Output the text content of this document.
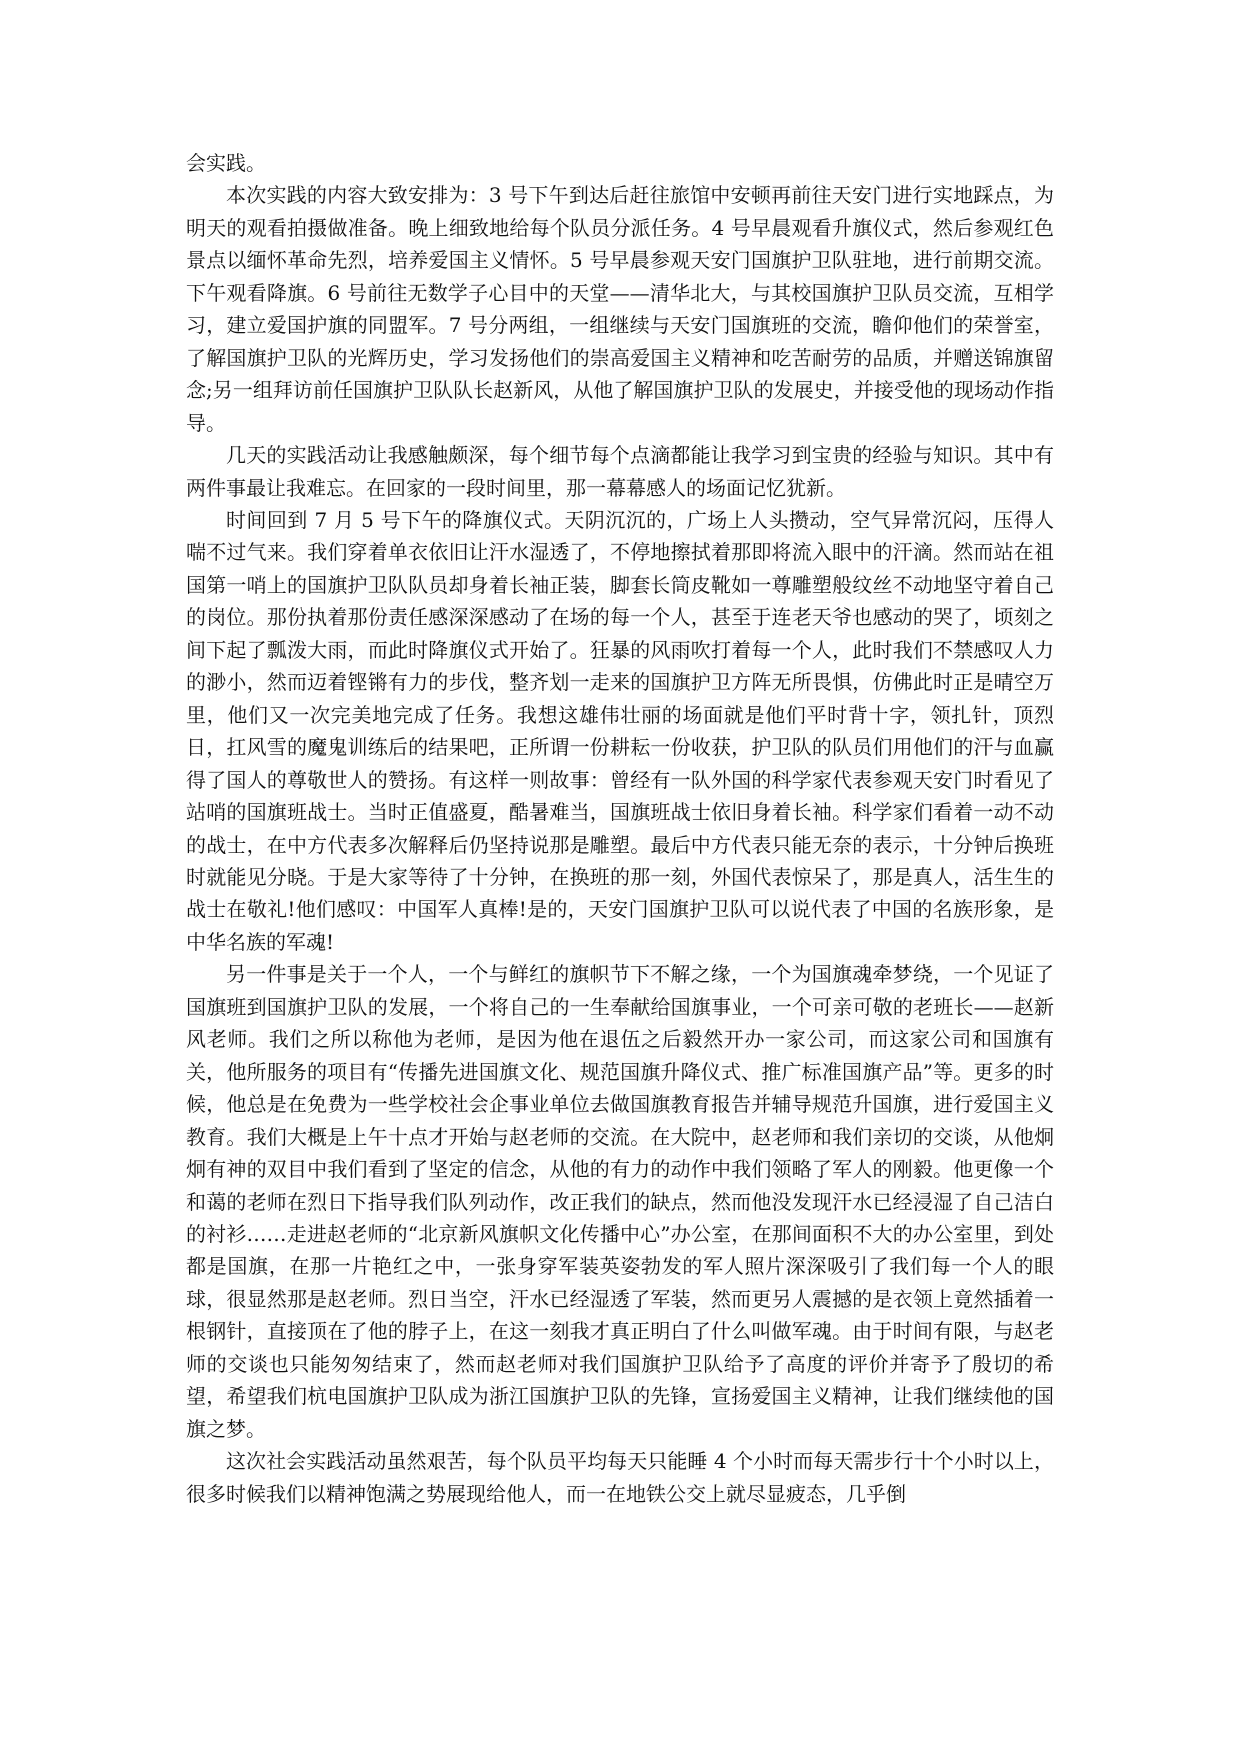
会实践。

本次实践的内容大致安排为：3 号下午到达后赶往旅馆中安顿再前往天安门进行实地踩点，为明天的观看拍摄做准备。晚上细致地给每个队员分派任务。4 号早晨观看升旗仪式，然后参观红色景点以缅怀革命先烈，培养爱国主义情怀。5 号早晨参观天安门国旗护卫队驻地，进行前期交流。下午观看降旗。6 号前往无数学子心目中的天堂——清华北大，与其校国旗护卫队员交流，互相学习，建立爱国护旗的同盟军。7 号分两组，一组继续与天安门国旗班的交流，瞻仰他们的荣誉室，了解国旗护卫队的光辉历史，学习发扬他们的崇高爱国主义精神和吃苦耐劳的品质，并赠送锦旗留念;另一组拜访前任国旗护卫队队长赵新风，从他了解国旗护卫队的发展史，并接受他的现场动作指导。

几天的实践活动让我感触颇深，每个细节每个点滴都能让我学习到宝贵的经验与知识。其中有两件事最让我难忘。在回家的一段时间里，那一幕幕感人的场面记忆犹新。

时间回到 7 月 5 号下午的降旗仪式。天阴沉沉的，广场上人头攒动，空气异常沉闷，压得人喘不过气来。我们穿着单衣依旧让汗水湿透了，不停地擦拭着那即将流入眼中的汗滴。然而站在祖国第一哨上的国旗护卫队队员却身着长袖正装，脚套长筒皮靴如一尊雕塑般纹丝不动地坚守着自己的岗位。那份执着那份责任感深深感动了在场的每一个人，甚至于连老天爷也感动的哭了，顷刻之间下起了瓢泼大雨，而此时降旗仪式开始了。狂暴的风雨吹打着每一个人，此时我们不禁感叹人力的渺小，然而迈着铿锵有力的步伐，整齐划一走来的国旗护卫方阵无所畏惧，仿佛此时正是晴空万里，他们又一次完美地完成了任务。我想这雄伟壮丽的场面就是他们平时背十字，领扎针，顶烈日，扛风雪的魔鬼训练后的结果吧，正所谓一份耕耘一份收获，护卫队的队员们用他们的汗与血赢得了国人的尊敬世人的赞扬。有这样一则故事：曾经有一队外国的科学家代表参观天安门时看见了站哨的国旗班战士。当时正值盛夏，酷暑难当，国旗班战士依旧身着长袖。科学家们看着一动不动的战士，在中方代表多次解释后仍坚持说那是雕塑。最后中方代表只能无奈的表示，十分钟后换班时就能见分晓。于是大家等待了十分钟，在换班的那一刻，外国代表惊呆了，那是真人，活生生的战士在敬礼!他们感叹：中国军人真棒!是的，天安门国旗护卫队可以说代表了中国的名族形象，是中华名族的军魂!

另一件事是关于一个人，一个与鲜红的旗帜节下不解之缘，一个为国旗魂牵梦绕，一个见证了国旗班到国旗护卫队的发展，一个将自己的一生奉献给国旗事业，一个可亲可敬的老班长——赵新风老师。我们之所以称他为老师，是因为他在退伍之后毅然开办一家公司，而这家公司和国旗有关，他所服务的项目有“传播先进国旗文化、规范国旗升降仪式、推广标准国旗产品”等。更多的时候，他总是在免费为一些学校社会企事业单位去做国旗教育报告并辅导规范升国旗，进行爱国主义教育。我们大概是上午十点才开始与赵老师的交流。在大院中，赵老师和我们亲切的交谈，从他炯炯有神的双目中我们看到了坚定的信念，从他的有力的动作中我们领略了军人的刚毅。他更像一个和蔼的老师在烈日下指导我们队列动作，改正我们的缺点，然而他没发现汗水已经浸湿了自己洁白的衬衫……走进赵老师的“北京新风旗帜文化传播中心”办公室，在那间面积不大的办公室里，到处都是国旗，在那一片艳红之中，一张身穿军装英姿勃发的军人照片深深吸引了我们每一个人的眼球，很显然那是赵老师。烈日当空，汗水已经湿透了军装，然而更另人震撼的是衣领上竟然插着一根钢针，直接顶在了他的脖子上，在这一刻我才真正明白了什么叫做军魂。由于时间有限，与赵老师的交谈也只能匆匆结束了，然而赵老师对我们国旗护卫队给予了高度的评价并寄予了殷切的希望，希望我们杭电国旗护卫队成为浙江国旗护卫队的先锋，宣扬爱国主义精神，让我们继续他的国旗之梦。

这次社会实践活动虽然艰苦，每个队员平均每天只能睡 4 个小时而每天需步行十个小时以上，很多时候我们以精神饱满之势展现给他人，而一在地铁公交上就尽显疲态，几乎倒
